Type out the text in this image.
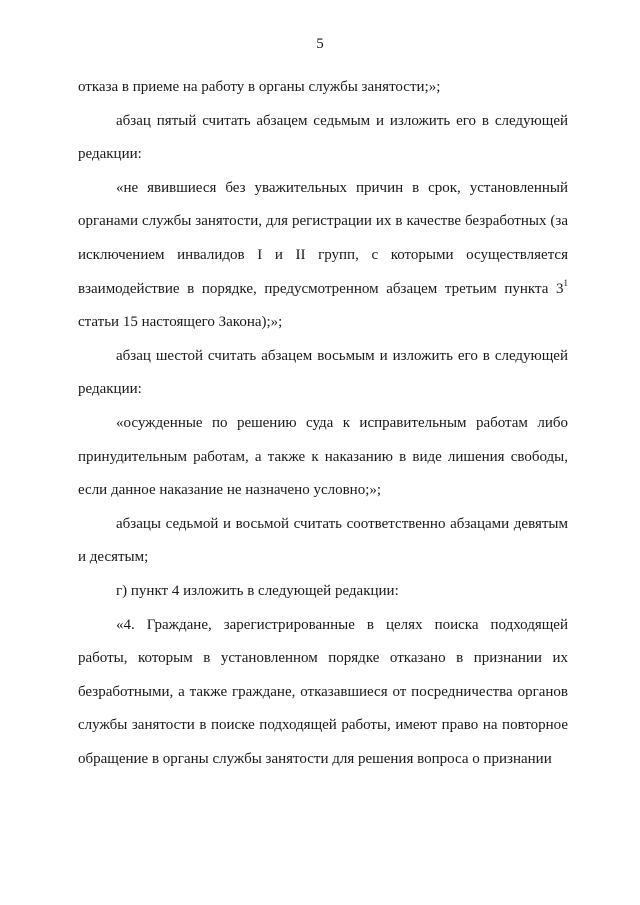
5

отказа в приеме на работу в органы службы занятости;»;

абзац пятый считать абзацем седьмым и изложить его в следующей редакции:

«не явившиеся без уважительных причин в срок, установленный органами службы занятости, для регистрации их в качестве безработных (за исключением инвалидов I и II групп, с которыми осуществляется взаимодействие в порядке, предусмотренном абзацем третьим пункта $3^1$ статьи 15 настоящего Закона);»;

абзац шестой считать абзацем восьмым и изложить его в следующей редакции:

«осужденные по решению суда к исправительным работам либо принудительным работам, а также к наказанию в виде лишения свободы, если данное наказание не назначено условно;»;

абзацы седьмой и восьмой считать соответственно абзацами девятым и десятым;

г) пункт 4 изложить в следующей редакции:

«4. Граждане, зарегистрированные в целях поиска подходящей работы, которым в установленном порядке отказано в признании их безработными, а также граждане, отказавшиеся от посредничества органов службы занятости в поиске подходящей работы, имеют право на повторное обращение в органы службы занятости для решения вопроса о признании
